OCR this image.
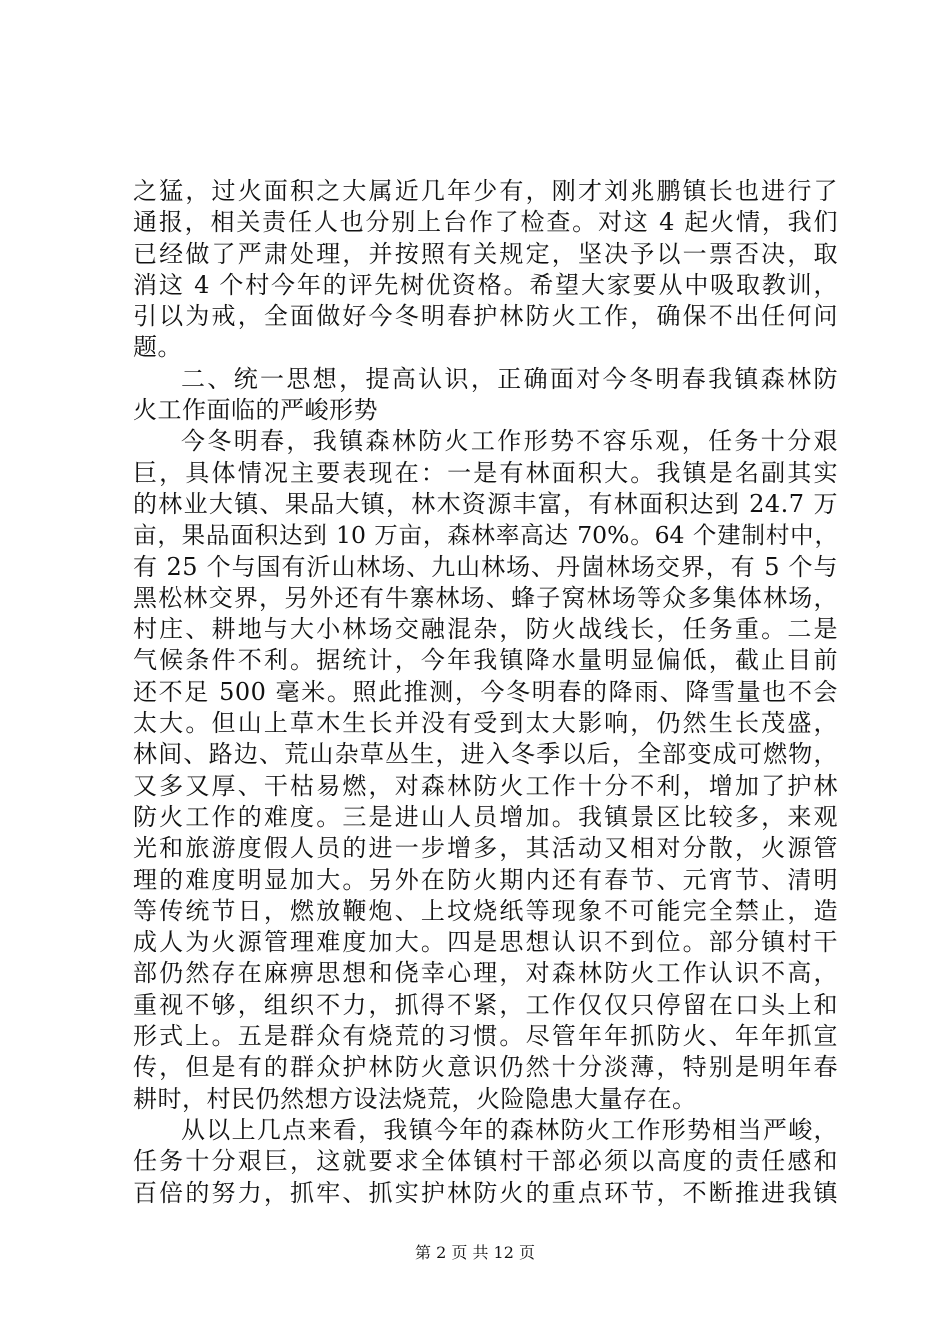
之猛，过火面积之大属近几年少有，刚才刘兆鹏镇长也进行了
通报，相关责任人也分别上台作了检查。对这 4 起火情，我们
已经做了严肃处理，并按照有关规定，坚决予以一票否决，取
消这 4 个村今年的评先树优资格。希望大家要从中吸取教训，
引以为戒，全面做好今冬明春护林防火工作，确保不出任何问
题。
二、统一思想，提高认识，正确面对今冬明春我镇森林防
火工作面临的严峻形势
今冬明春，我镇森林防火工作形势不容乐观，任务十分艰
巨，具体情况主要表现在：一是有林面积大。我镇是名副其实
的林业大镇、果品大镇，林木资源丰富，有林面积达到 24.7 万
亩，果品面积达到 10 万亩，森林率高达 70%。64 个建制村中，
有 25 个与国有沂山林场、九山林场、丹崮林场交界，有 5 个与
黑松林交界，另外还有牛寨林场、蜂子窝林场等众多集体林场，
村庄、耕地与大小林场交融混杂，防火战线长，任务重。二是
气候条件不利。据统计，今年我镇降水量明显偏低，截止目前
还不足 500 毫米。照此推测，今冬明春的降雨、降雪量也不会
太大。但山上草木生长并没有受到太大影响，仍然生长茂盛，
林间、路边、荒山杂草丛生，进入冬季以后，全部变成可燃物，
又多又厚、干枯易燃，对森林防火工作十分不利，增加了护林
防火工作的难度。三是进山人员增加。我镇景区比较多，来观
光和旅游度假人员的进一步增多，其活动又相对分散，火源管
理的难度明显加大。另外在防火期内还有春节、元宵节、清明
等传统节日，燃放鞭炮、上坟烧纸等现象不可能完全禁止，造
成人为火源管理难度加大。四是思想认识不到位。部分镇村干
部仍然存在麻痹思想和侥幸心理，对森林防火工作认识不高，
重视不够，组织不力，抓得不紧，工作仅仅只停留在口头上和
形式上。五是群众有烧荒的习惯。尽管年年抓防火、年年抓宣
传，但是有的群众护林防火意识仍然十分淡薄，特别是明年春
耕时，村民仍然想方设法烧荒，火险隐患大量存在。
从以上几点来看，我镇今年的森林防火工作形势相当严峻，
任务十分艰巨，这就要求全体镇村干部必须以高度的责任感和
百倍的努力，抓牢、抓实护林防火的重点环节，不断推进我镇
第 2 页 共 12 页
